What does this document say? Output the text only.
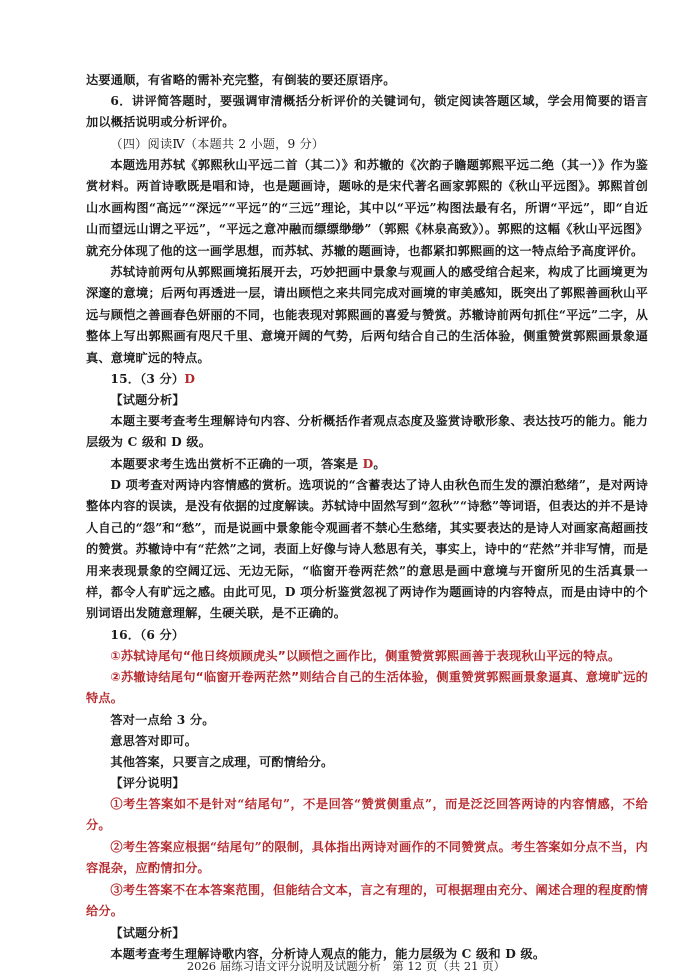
达要通顺，有省略的需补充完整，有倒装的要还原语序。

6．讲评简答题时，要强调审清概括分析评价的关键词句，锁定阅读答题区域，学会用简要的语言加以概括说明或分析评价。

（四）阅读Ⅳ（本题共 2 小题，9 分）

本题选用苏轼《郭熙秋山平远二首（其二）》和苏辙的《次韵子瞻题郭熙平远二绝（其一）》作为鉴赏材料。两首诗歌既是唱和诗，也是题画诗，题咏的是宋代著名画家郭熙的《秋山平远图》。郭熙首创山水画构图“高远”“深远”“平远”的“三远”理论，其中以“平远”构图法最有名，所谓“平远”，即“自近山而望远山谓之平远”，“平远之意冲融而缥缥缈缈”（郭熙《林泉高致》）。郭熙的这幅《秋山平远图》就充分体现了他的这一画学思想，而苏轼、苏辙的题画诗，也都紧扣郭熙画的这一特点给予高度评价。

苏轼诗前两句从郭熙画境拓展开去，巧妙把画中景象与观画人的感受绾合起来，构成了比画境更为深邃的意境；后两句再透进一层，请出顾恺之来共同完成对画境的审美感知，既突出了郭熙善画秋山平远与顾恺之善画春色妍丽的不同，也能表现对郭熙画的喜爱与赞赏。苏辙诗前两句抓住“平远”二字，从整体上写出郭熙画有咫尺千里、意境开阔的气势，后两句结合自己的生活体验，侧重赞赏郭熙画景象逼真、意境旷远的特点。

15．（3 分）D

【试题分析】

本题主要考查考生理解诗句内容、分析概括作者观点态度及鉴赏诗歌形象、表达技巧的能力。能力层级为 C 级和 D 级。

本题要求考生选出赏析不正确的一项，答案是 D。

D 项考查对两诗内容情感的赏析。选项说的“含蓄表达了诗人由秋色而生发的漂泊愁绪”，是对两诗整体内容的误读，是没有依据的过度解读。苏轼诗中固然写到“忽秋”“诗愁”等词语，但表达的并不是诗人自己的“怨”和“愁”，而是说画中景象能令观画者不禁心生愁绪，其实要表达的是诗人对画家高超画技的赞赏。苏辙诗中有“茫然”之词，表面上好像与诗人愁思有关，事实上，诗中的“茫然”并非写情，而是用来表现景象的空阔辽远、无边无际，“临窗开卷两茫然”的意思是画中意境与开窗所见的生活真景一样，都令人有旷远之感。由此可见，D 项分析鉴赏忽视了两诗作为题画诗的内容特点，而是由诗中的个别词语出发随意理解，生硬关联，是不正确的。

16．（6 分）

①苏轼诗尾句“他日终烦顾虎头”以顾恺之画作比，侧重赞赏郭熙画善于表现秋山平远的特点。

②苏辙诗结尾句“临窗开卷两茫然”则结合自己的生活体验，侧重赞赏郭熙画景象逼真、意境旷远的特点。

答对一点给 3 分。

意思答对即可。

其他答案，只要言之成理，可酌情给分。

【评分说明】

①考生答案如不是针对“结尾句”，不是回答“赞赏侧重点”，而是泛泛回答两诗的内容情感，不给分。

②考生答案应根据“结尾句”的限制，具体指出两诗对画作的不同赞赏点。考生答案如分点不当，内容混杂，应酌情扣分。

③考生答案不在本答案范围，但能结合文本，言之有理的，可根据理由充分、阐述合理的程度酌情给分。

【试题分析】

本题考查考生理解诗歌内容，分析诗人观点的能力，能力层级为 C 级和 D 级。

2026 届练习语文评分说明及试题分析　第 12 页（共 21 页）
